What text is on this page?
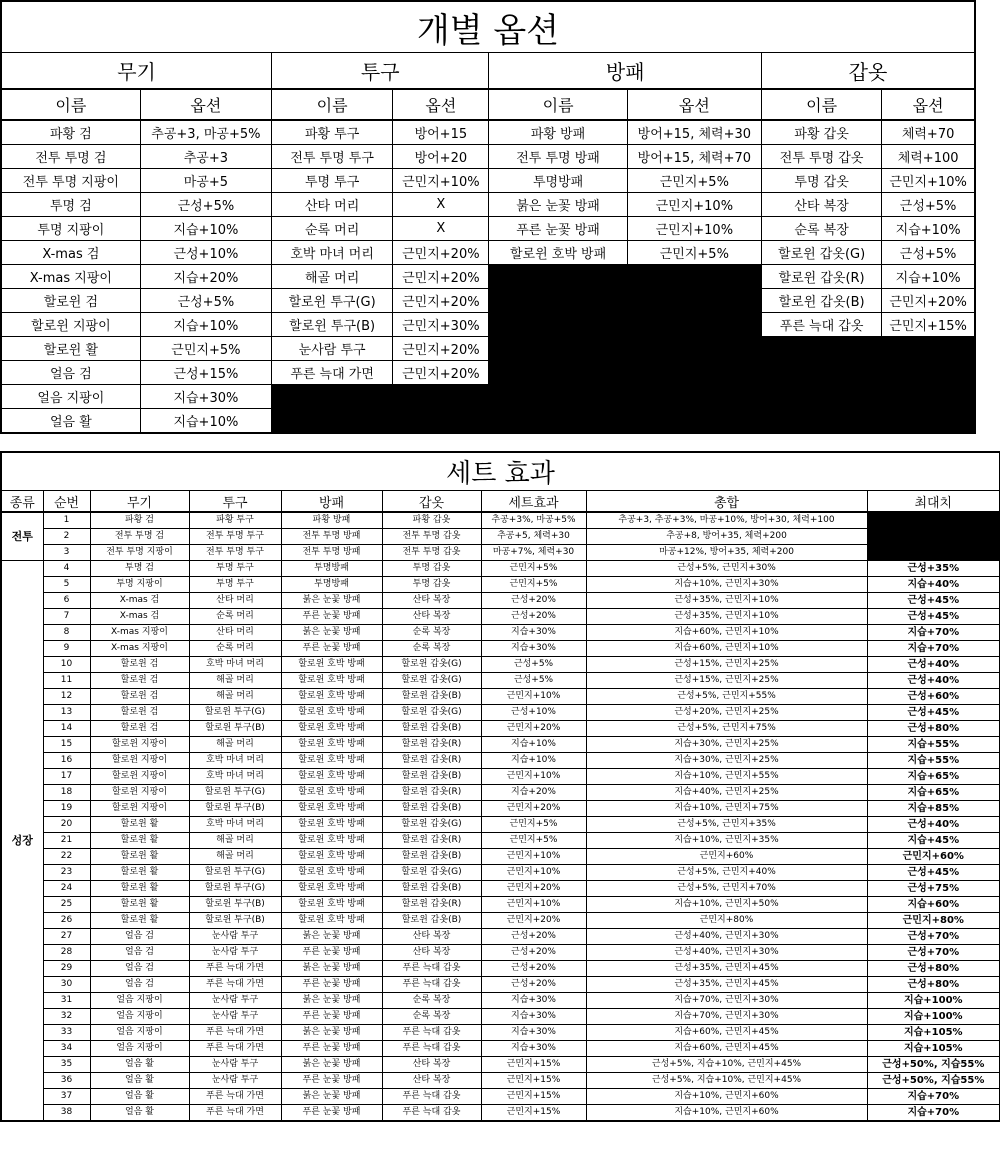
개별 옵션							
무기		투구		방패		갑옷	
이름	옵션	이름	옵션	이름	옵션	이름	옵션
파황 검	추공+3, 마공+5%	파황 투구	방어+15	파황 방패	방어+15, 체력+30	파황 갑옷	체력+70
전투 투명 검	추공+3	전투 투명 투구	방어+20	전투 투명 방패	방어+15, 체력+70	전투 투명 갑옷	체력+100
전투 투명 지팡이	마공+5	투명 투구	근민지+10%	투명방패	근민지+5%	투명 갑옷	근민지+10%
투명 검	근성+5%	산타 머리	X	붉은 눈꽃 방패	근민지+10%	산타 복장	근성+5%
투명 지팡이	지습+10%	순록 머리	X	푸른 눈꽃 방패	근민지+10%	순록 복장	지습+10%
X-mas 검	근성+10%	호박 마녀 머리	근민지+20%	할로윈 호박 방패	근민지+5%	할로윈 갑옷(G)	근성+5%
X-mas 지팡이	지습+20%	해골 머리	근민지+20%			할로윈 갑옷(R)	지습+10%
할로윈 검	근성+5%	할로윈 투구(G)	근민지+20%			할로윈 갑옷(B)	근민지+20%
할로윈 지팡이	지습+10%	할로윈 투구(B)	근민지+30%			푸른 늑대 갑옷	근민지+15%
할로윈 활	근민지+5%	눈사람 투구	근민지+20%				
얼음 검	근성+15%	푸른 늑대 가면	근민지+20%				
얼음 지팡이	지습+30%						
얼음 활	지습+10%						
세트 효과								
종류	순번	무기	투구	방패	갑옷	세트효과	총합	최대치
전투	1	파황 검	파황 투구	파황 방패	파황 갑옷	추공+3%, 마공+5%	추공+3, 추공+3%, 마공+10%, 방어+30, 체력+100	
	2	전투 투명 검	전투 투명 투구	전투 투명 방패	전투 투명 갑옷	추공+5, 체력+30	추공+8, 방어+35, 체력+200	
	3	전투 투명 지팡이	전투 투명 투구	전투 투명 방패	전투 투명 갑옷	마공+7%, 체력+30	마공+12%, 방어+35, 체력+200	
성장	4	투명 검	투명 투구	투명방패	투명 갑옷	근민지+5%	근성+5%, 근민지+30%	근성+35%
	5	투명 지팡이	투명 투구	투명방패	투명 갑옷	근민지+5%	지습+10%, 근민지+30%	지습+40%
	6	X-mas 검	산타 머리	붉은 눈꽃 방패	산타 복장	근성+20%	근성+35%, 근민지+10%	근성+45%
	7	X-mas 검	순록 머리	푸른 눈꽃 방패	산타 복장	근성+20%	근성+35%, 근민지+10%	근성+45%
	8	X-mas 지팡이	산타 머리	붉은 눈꽃 방패	순록 복장	지습+30%	지습+60%, 근민지+10%	지습+70%
	9	X-mas 지팡이	순록 머리	푸른 눈꽃 방패	순록 복장	지습+30%	지습+60%, 근민지+10%	지습+70%
	10	할로윈 검	호박 마녀 머리	할로윈 호박 방패	할로윈 갑옷(G)	근성+5%	근성+15%, 근민지+25%	근성+40%
	11	할로윈 검	해골 머리	할로윈 호박 방패	할로윈 갑옷(G)	근성+5%	근성+15%, 근민지+25%	근성+40%
	12	할로윈 검	해골 머리	할로윈 호박 방패	할로윈 갑옷(B)	근민지+10%	근성+5%, 근민지+55%	근성+60%
	13	할로윈 검	할로윈 투구(G)	할로윈 호박 방패	할로윈 갑옷(G)	근성+10%	근성+20%, 근민지+25%	근성+45%
	14	할로윈 검	할로윈 투구(B)	할로윈 호박 방패	할로윈 갑옷(B)	근민지+20%	근성+5%, 근민지+75%	근성+80%
	15	할로윈 지팡이	해골 머리	할로윈 호박 방패	할로윈 갑옷(R)	지습+10%	지습+30%, 근민지+25%	지습+55%
	16	할로윈 지팡이	호박 마녀 머리	할로윈 호박 방패	할로윈 갑옷(R)	지습+10%	지습+30%, 근민지+25%	지습+55%
	17	할로윈 지팡이	호박 마녀 머리	할로윈 호박 방패	할로윈 갑옷(B)	근민지+10%	지습+10%, 근민지+55%	지습+65%
	18	할로윈 지팡이	할로윈 투구(G)	할로윈 호박 방패	할로윈 갑옷(R)	지습+20%	지습+40%, 근민지+25%	지습+65%
	19	할로윈 지팡이	할로윈 투구(B)	할로윈 호박 방패	할로윈 갑옷(B)	근민지+20%	지습+10%, 근민지+75%	지습+85%
	20	할로윈 활	호박 마녀 머리	할로윈 호박 방패	할로윈 갑옷(G)	근민지+5%	근성+5%, 근민지+35%	근성+40%
	21	할로윈 활	해골 머리	할로윈 호박 방패	할로윈 갑옷(R)	근민지+5%	지습+10%, 근민지+35%	지습+45%
	22	할로윈 활	해골 머리	할로윈 호박 방패	할로윈 갑옷(B)	근민지+10%	근민지+60%	근민지+60%
	23	할로윈 활	할로윈 투구(G)	할로윈 호박 방패	할로윈 갑옷(G)	근민지+10%	근성+5%, 근민지+40%	근성+45%
	24	할로윈 활	할로윈 투구(G)	할로윈 호박 방패	할로윈 갑옷(B)	근민지+20%	근성+5%, 근민지+70%	근성+75%
	25	할로윈 활	할로윈 투구(B)	할로윈 호박 방패	할로윈 갑옷(R)	근민지+10%	지습+10%, 근민지+50%	지습+60%
	26	할로윈 활	할로윈 투구(B)	할로윈 호박 방패	할로윈 갑옷(B)	근민지+20%	근민지+80%	근민지+80%
	27	얼음 검	눈사람 투구	붉은 눈꽃 방패	산타 복장	근성+20%	근성+40%, 근민지+30%	근성+70%
	28	얼음 검	눈사람 투구	푸른 눈꽃 방패	산타 복장	근성+20%	근성+40%, 근민지+30%	근성+70%
	29	얼음 검	푸른 늑대 가면	붉은 눈꽃 방패	푸른 늑대 갑옷	근성+20%	근성+35%, 근민지+45%	근성+80%
	30	얼음 검	푸른 늑대 가면	푸른 눈꽃 방패	푸른 늑대 갑옷	근성+20%	근성+35%, 근민지+45%	근성+80%
	31	얼음 지팡이	눈사람 투구	붉은 눈꽃 방패	순록 복장	지습+30%	지습+70%, 근민지+30%	지습+100%
	32	얼음 지팡이	눈사람 투구	푸른 눈꽃 방패	순록 복장	지습+30%	지습+70%, 근민지+30%	지습+100%
	33	얼음 지팡이	푸른 늑대 가면	붉은 눈꽃 방패	푸른 늑대 갑옷	지습+30%	지습+60%, 근민지+45%	지습+105%
	34	얼음 지팡이	푸른 늑대 가면	푸른 눈꽃 방패	푸른 늑대 갑옷	지습+30%	지습+60%, 근민지+45%	지습+105%
	35	얼음 활	눈사람 투구	붉은 눈꽃 방패	산타 복장	근민지+15%	근성+5%, 지습+10%, 근민지+45%	근성+50%, 지습55%
	36	얼음 활	눈사람 투구	푸른 눈꽃 방패	산타 복장	근민지+15%	근성+5%, 지습+10%, 근민지+45%	근성+50%, 지습55%
	37	얼음 활	푸른 늑대 가면	붉은 눈꽃 방패	푸른 늑대 갑옷	근민지+15%	지습+10%, 근민지+60%	지습+70%
	38	얼음 활	푸른 늑대 가면	푸른 눈꽃 방패	푸른 늑대 갑옷	근민지+15%	지습+10%, 근민지+60%	지습+70%
